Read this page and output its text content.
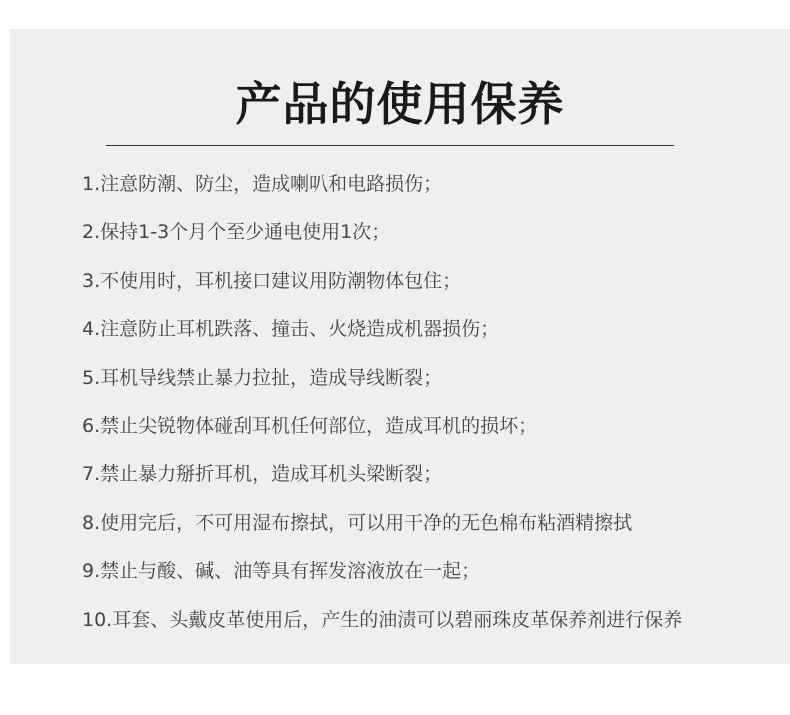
产品的使用保养
1.注意防潮、防尘，造成喇叭和电路损伤；
2.保持1-3个月个至少通电使用1次；
3.不使用时，耳机接口建议用防潮物体包住；
4.注意防止耳机跌落、撞击、火烧造成机器损伤；
5.耳机导线禁止暴力拉扯，造成导线断裂；
6.禁止尖锐物体碰刮耳机任何部位，造成耳机的损坏；
7.禁止暴力掰折耳机，造成耳机头梁断裂；
8.使用完后，不可用湿布擦拭，可以用干净的无色棉布粘酒精擦拭
9.禁止与酸、碱、油等具有挥发溶液放在一起；
10.耳套、头戴皮革使用后，产生的油渍可以碧丽珠皮革保养剂进行保养
